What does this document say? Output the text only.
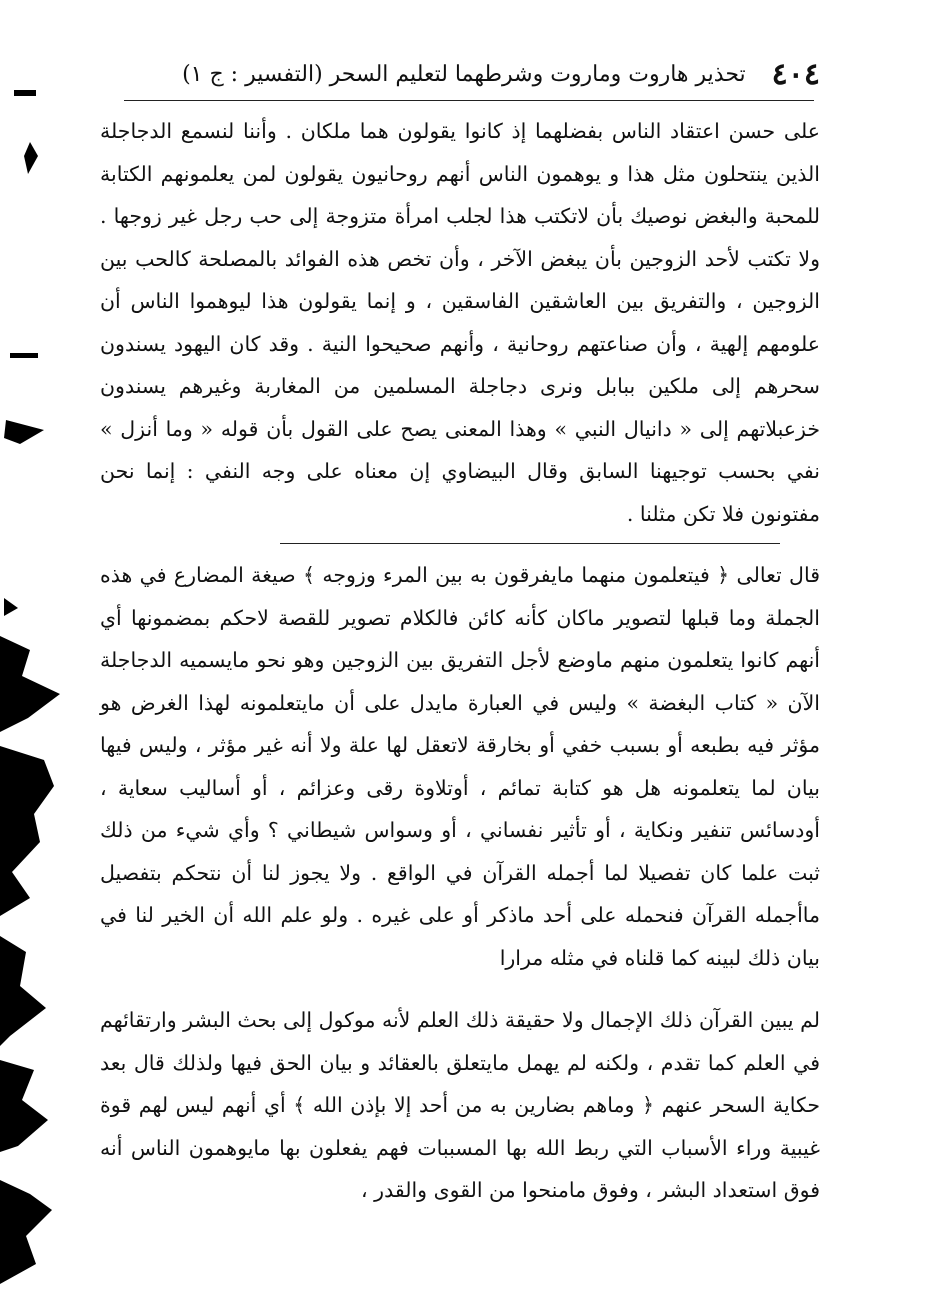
٤٠٤
تحذير هاروت وماروت وشرطهما لتعليم السحر (التفسير : ج ١)

على حسن اعتقاد الناس بفضلهما إذ كانوا يقولون هما ملكان . وأننا لنسمع الدجاجلة الذين ينتحلون مثل هذا و يوهمون الناس أنهم روحانيون يقولون لمن يعلمونهم الكتابة للمحبة والبغض نوصيك بأن لاتكتب هذا لجلب امرأة متزوجة إلى حب رجل غير زوجها . ولا تكتب لأحد الزوجين بأن يبغض الآخر ، وأن تخص هذه الفوائد بالمصلحة كالحب بين الزوجين ، والتفريق بين العاشقين الفاسقين ، و إنما يقولون هذا ليوهموا الناس أن علومهم إلهية ، وأن صناعتهم روحانية ، وأنهم صحيحوا النية . وقد كان اليهود يسندون سحرهم إلى ملكين ببابل ونرى دجاجلة المسلمين من المغاربة وغيرهم يسندون خزعبلاتهم إلى « دانيال النبي » وهذا المعنى يصح على القول بأن قوله « وما أنزل » نفي بحسب توجيهنا السابق وقال البيضاوي إن معناه على وجه النفي : إنما نحن مفتونون فلا تكن مثلنا .

قال تعالى ﴿ فيتعلمون منهما مايفرقون به بين المرء وزوجه ﴾ صيغة المضارع في هذه الجملة وما قبلها لتصوير ماكان كأنه كائن فالكلام تصوير للقصة لاحكم بمضمونها أي أنهم كانوا يتعلمون منهم ماوضع لأجل التفريق بين الزوجين وهو نحو مايسميه الدجاجلة الآن « كتاب البغضة » وليس في العبارة مايدل على أن مايتعلمونه لهذا الغرض هو مؤثر فيه بطبعه أو بسبب خفي أو بخارقة لاتعقل لها علة ولا أنه غير مؤثر ، وليس فيها بيان لما يتعلمونه هل هو كتابة تمائم ، أوتلاوة رقى وعزائم ، أو أساليب سعاية ، أودسائس تنفير ونكاية ، أو تأثير نفساني ، أو وسواس شيطاني ؟ وأي شيء من ذلك ثبت علما كان تفصيلا لما أجمله القرآن في الواقع . ولا يجوز لنا أن نتحكم بتفصيل ماأجمله القرآن فنحمله على أحد ماذكر أو على غيره . ولو علم الله أن الخير لنا في بيان ذلك لبينه كما قلناه في مثله مرارا

لم يبين القرآن ذلك الإجمال ولا حقيقة ذلك العلم لأنه موكول إلى بحث البشر وارتقائهم في العلم كما تقدم ، ولكنه لم يهمل مايتعلق بالعقائد و بيان الحق فيها ولذلك قال بعد حكاية السحر عنهم ﴿ وماهم بضارين به من أحد إلا بإذن الله ﴾ أي أنهم ليس لهم قوة غيبية وراء الأسباب التي ربط الله بها المسببات فهم يفعلون بها مايوهمون الناس أنه فوق استعداد البشر ، وفوق مامنحوا من القوى والقدر ،
